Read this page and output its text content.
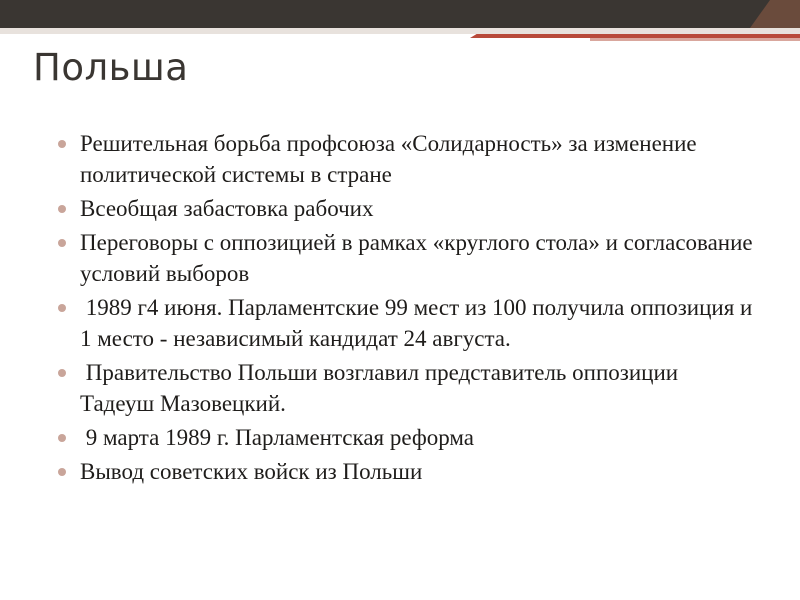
Польша
Решительная борьба профсоюза «Солидарность» за изменение политической системы в стране
Всеобщая забастовка рабочих
Переговоры с оппозицией в рамках «круглого стола» и согласование условий выборов
1989 г4 июня. Парламентские 99 мест из 100 получила оппозиция и 1 место - независимый кандидат 24 августа.
Правительство Польши возглавил представитель оппозиции Тадеуш Мазовецкий.
9 марта 1989 г. Парламентская реформа
Вывод советских войск из Польши
